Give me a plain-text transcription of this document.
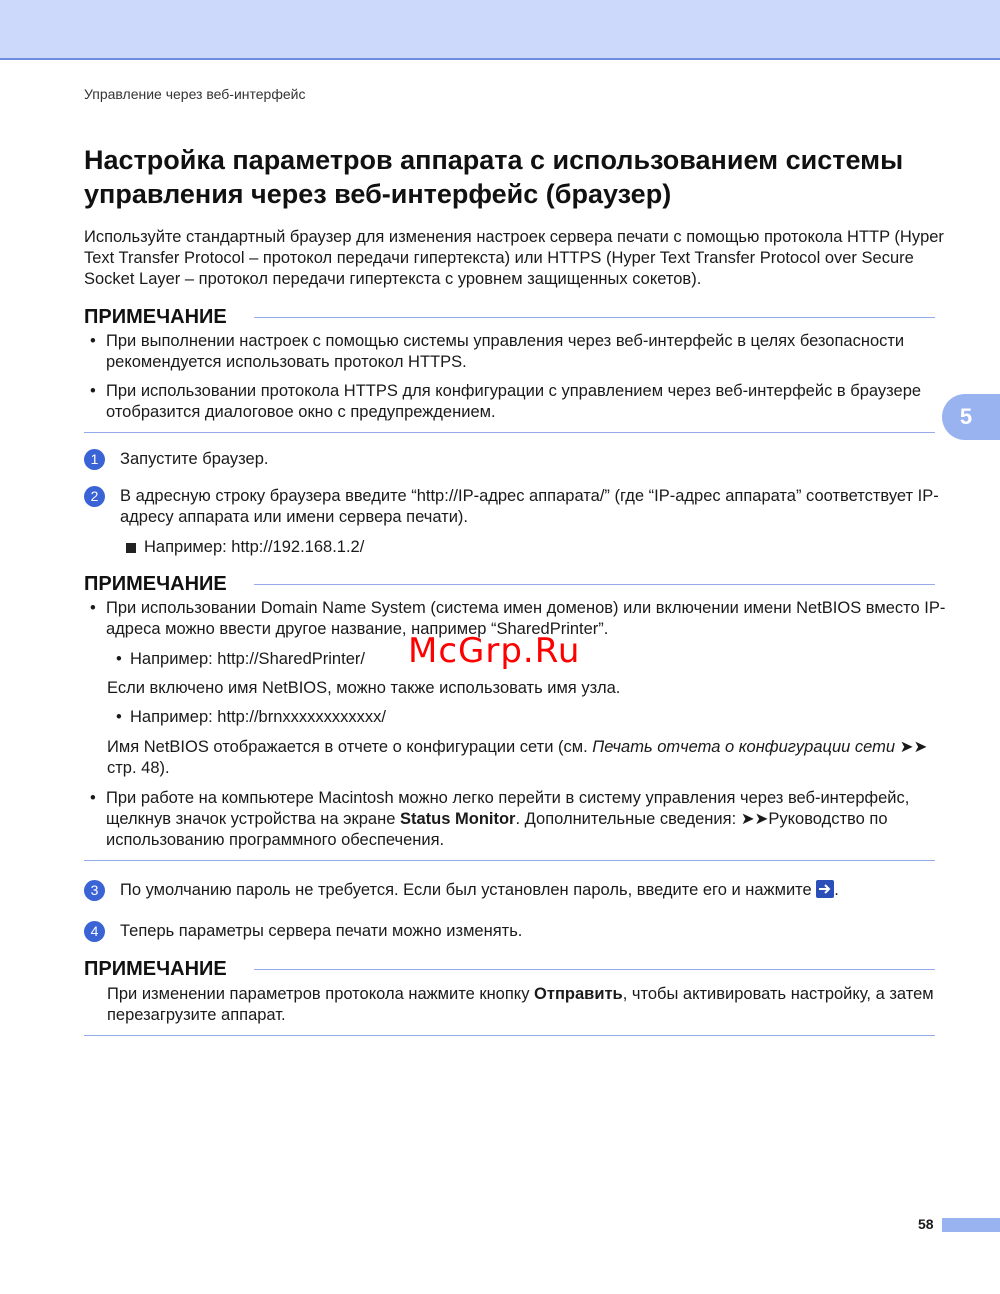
Управление через веб-интерфейс
5
Настройка параметров аппарата с использованием системы управления через веб-интерфейс (браузер)

Используйте стандартный браузер для изменения настроек сервера печати с помощью протокола HTTP (Hyper Text Transfer Protocol – протокол передачи гипертекста) или HTTPS (Hyper Text Transfer Protocol over Secure Socket Layer – протокол передачи гипертекста с уровнем защищенных сокетов).

ПРИМЕЧАНИЕ
• При выполнении настроек с помощью системы управления через веб-интерфейс в целях безопасности рекомендуется использовать протокол HTTPS.
• При использовании протокола HTTPS для конфигурации с управлением через веб-интерфейс в браузере отобразится диалоговое окно с предупреждением.
1	Запустите браузер.
2	В адресную строку браузера введите “http://IP-адрес аппарата/” (где “IP-адрес аппарата” соответствует IP-адресу аппарата или имени сервера печати).
Например: http://192.168.1.2/
ПРИМЕЧАНИЕ
• При использовании Domain Name System (система имен доменов) или включении имени NetBIOS вместо IP-адреса можно ввести другое название, например “SharedPrinter”.
• Например: http://SharedPrinter/
Если включено имя NetBIOS, можно также использовать имя узла.
• Например: http://brnxxxxxxxxxxxx/
Имя NetBIOS отображается в отчете о конфигурации сети (см. Печать отчета о конфигурации сети ➤➤ стр. 48).
• При работе на компьютере Macintosh можно легко перейти в систему управления через веб-интерфейс, щелкнув значок устройства на экране Status Monitor. Дополнительные сведения: ➤➤Руководство по использованию программного обеспечения.
3	По умолчанию пароль не требуется. Если был установлен пароль, введите его и нажмите .
4	Теперь параметры сервера печати можно изменять.
ПРИМЕЧАНИЕ
При изменении параметров протокола нажмите кнопку Отправить, чтобы активировать настройку, а затем перезагрузите аппарат.
McGrp.Ru
58
